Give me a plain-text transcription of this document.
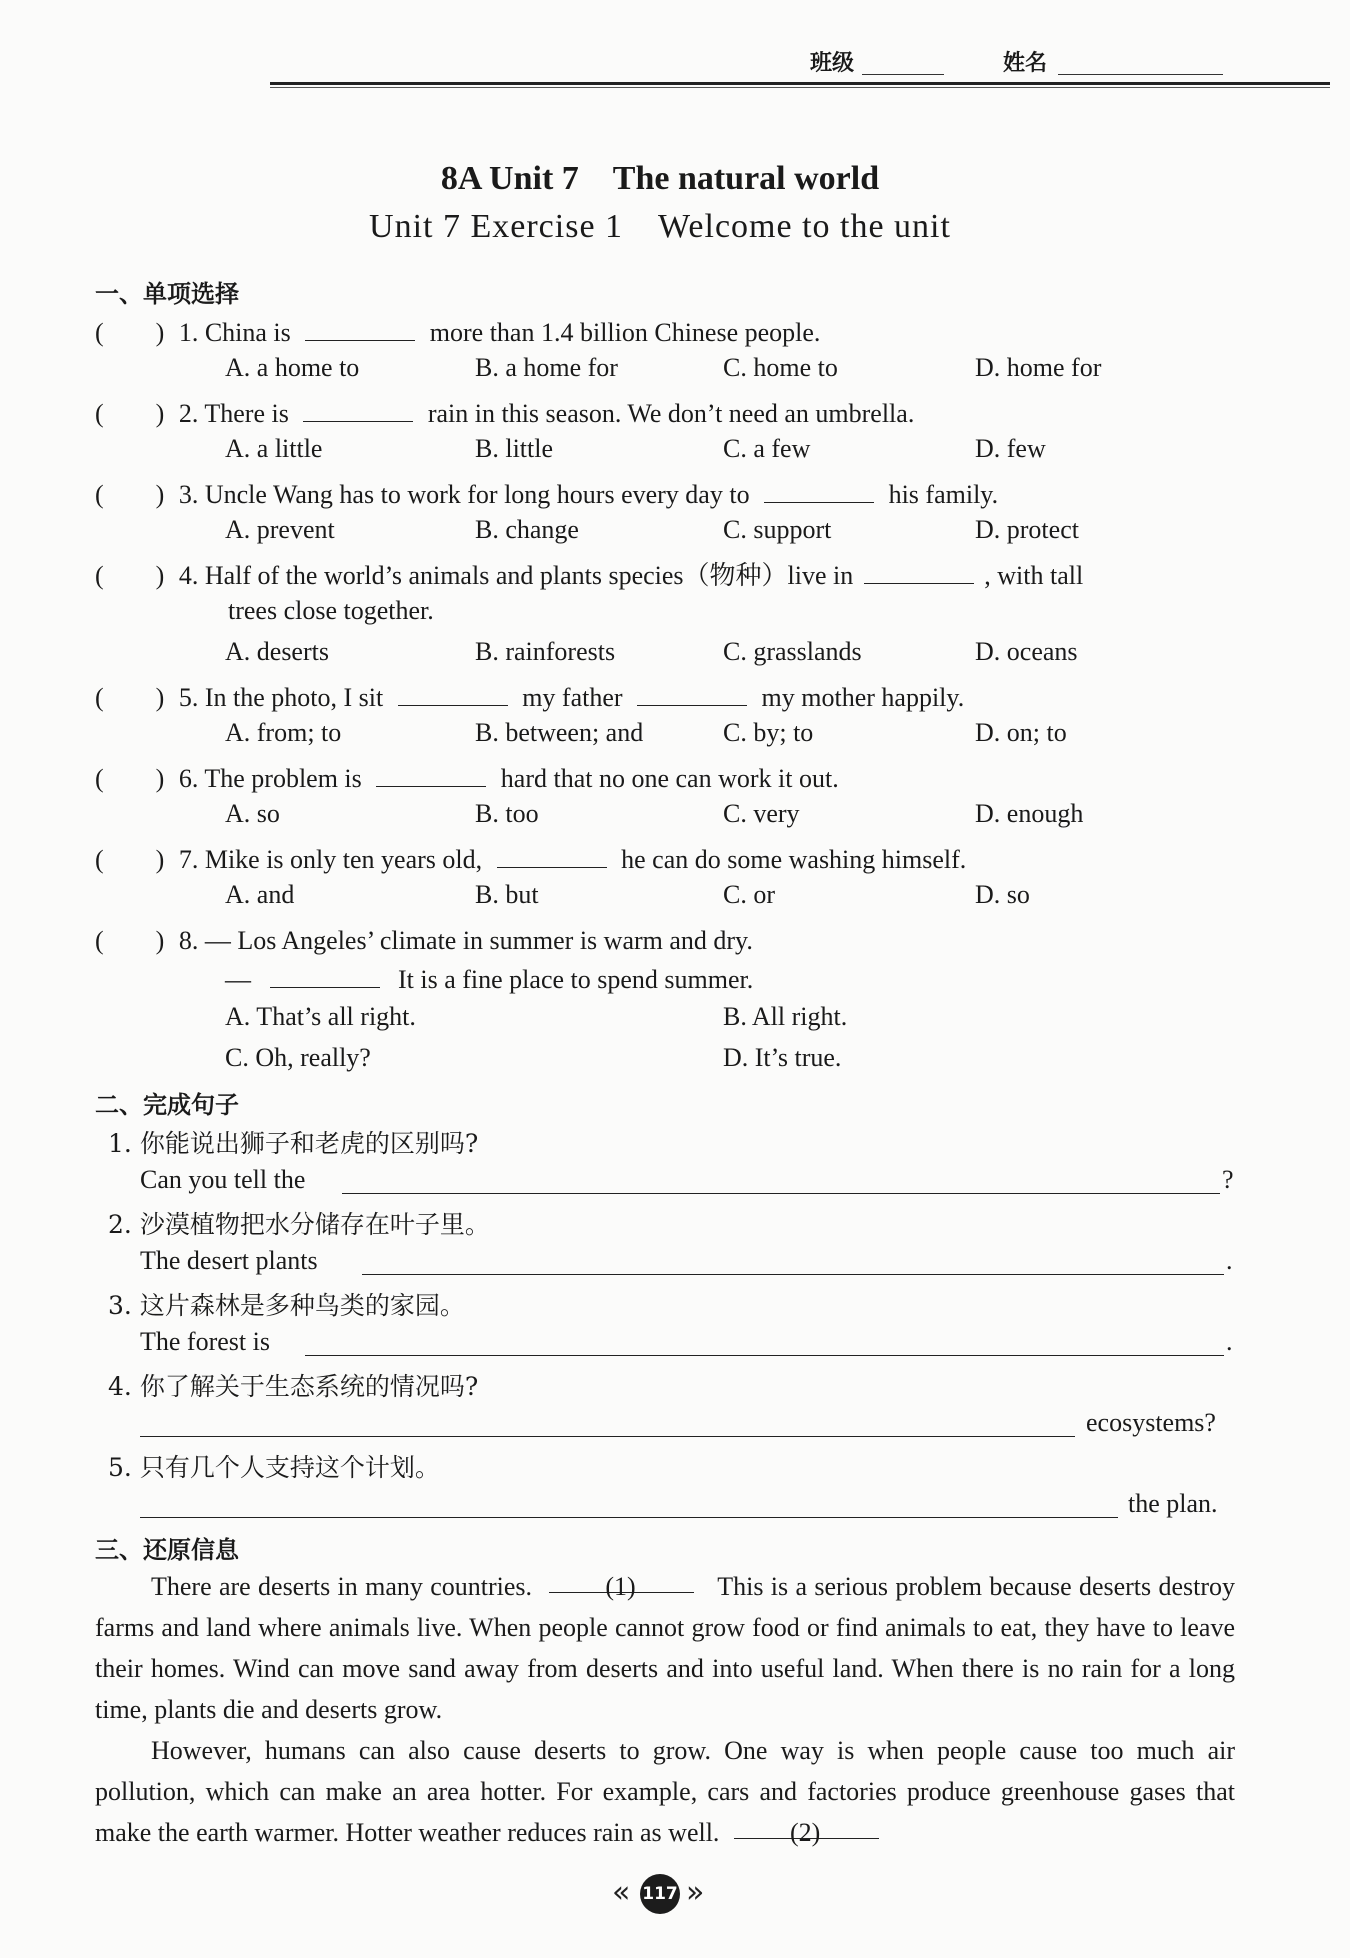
班级	姓名
8A Unit 7　The natural world
Unit 7 Exercise 1　Welcome to the unit
一、单项选择
(　　) 1. China is	more than 1.4 billion Chinese people.
A. a home to	B. a home for	C. home to	D. home for
(　　) 2. There is	rain in this season. We don’t need an umbrella.
A. a little	B. little	C. a few	D. few
(　　) 3. Uncle Wang has to work for long hours every day to	his family.
A. prevent	B. change	C. support	D. protect
(　　) 4. Half of the world’s animals and plants species（物种）live in	, with tall
trees close together.
A. deserts	B. rainforests	C. grasslands	D. oceans
(　　) 5. In the photo, I sit	my father	my mother happily.
A. from; to	B. between; and	C. by; to	D. on; to
(　　) 6. The problem is	hard that no one can work it out.
A. so	B. too	C. very	D. enough
(　　) 7. Mike is only ten years old,	he can do some washing himself.
A. and	B. but	C. or	D. so
(　　) 8. — Los Angeles’ climate in summer is warm and dry.
—	It is a fine place to spend summer.
A. That’s all right.	B. All right.
C. Oh, really?	D. It’s true.
二、完成句子
1. 你能说出狮子和老虎的区别吗?
Can you tell the	?
2. 沙漠植物把水分储存在叶子里。
The desert plants	.
3. 这片森林是多种鸟类的家园。
The forest is	.
4. 你了解关于生态系统的情况吗?
ecosystems?
5. 只有几个人支持这个计划。
the plan.
三、还原信息
There are deserts in many countries.	(1)	This is a serious problem because deserts destroy farms and land where animals live. When people cannot grow food or find animals to eat, they have to leave their homes. Wind can move sand away from deserts and into useful land. When there is no rain for a long time, plants die and deserts grow.
However, humans can also cause deserts to grow. One way is when people cause too much air pollution, which can make an area hotter. For example, cars and factories produce greenhouse gases that make the earth warmer. Hotter weather reduces rain as well.	(2)
« 117 »
